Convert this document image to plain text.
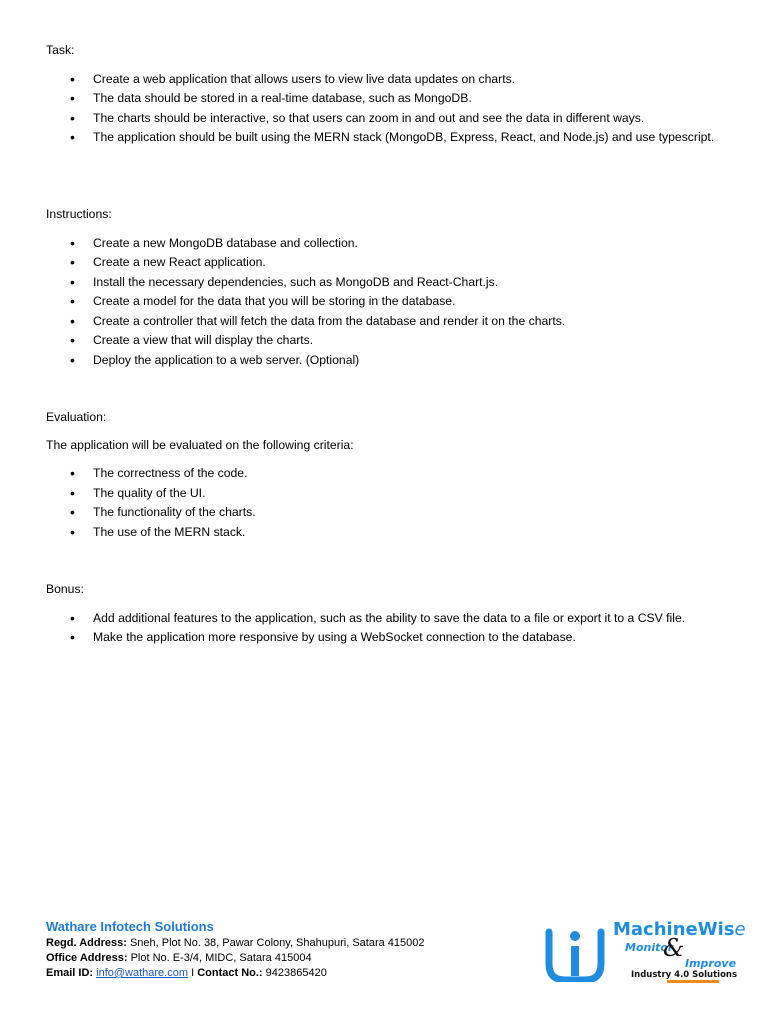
Task:

• Create a web application that allows users to view live data updates on charts.
• The data should be stored in a real-time database, such as MongoDB.
• The charts should be interactive, so that users can zoom in and out and see the data in different ways.
• The application should be built using the MERN stack (MongoDB, Express, React, and Node.js) and use typescript.

Instructions:

• Create a new MongoDB database and collection.
• Create a new React application.
• Install the necessary dependencies, such as MongoDB and React-Chart.js.
• Create a model for the data that you will be storing in the database.
• Create a controller that will fetch the data from the database and render it on the charts.
• Create a view that will display the charts.
• Deploy the application to a web server. (Optional)

Evaluation:

The application will be evaluated on the following criteria:

• The correctness of the code.
• The quality of the UI.
• The functionality of the charts.
• The use of the MERN stack.

Bonus:

• Add additional features to the application, such as the ability to save the data to a file or export it to a CSV file.
• Make the application more responsive by using a WebSocket connection to the database.
Wathare Infotech Solutions
Regd. Address: Sneh, Plot No. 38, Pawar Colony, Shahupuri, Satara 415002
Office Address: Plot No. E-3/4, MIDC, Satara 415004
Email ID: info@wathare.com I Contact No.: 9423865420
MachineWise
Monitor
&
Improve
Industry 4.0 Solutions
